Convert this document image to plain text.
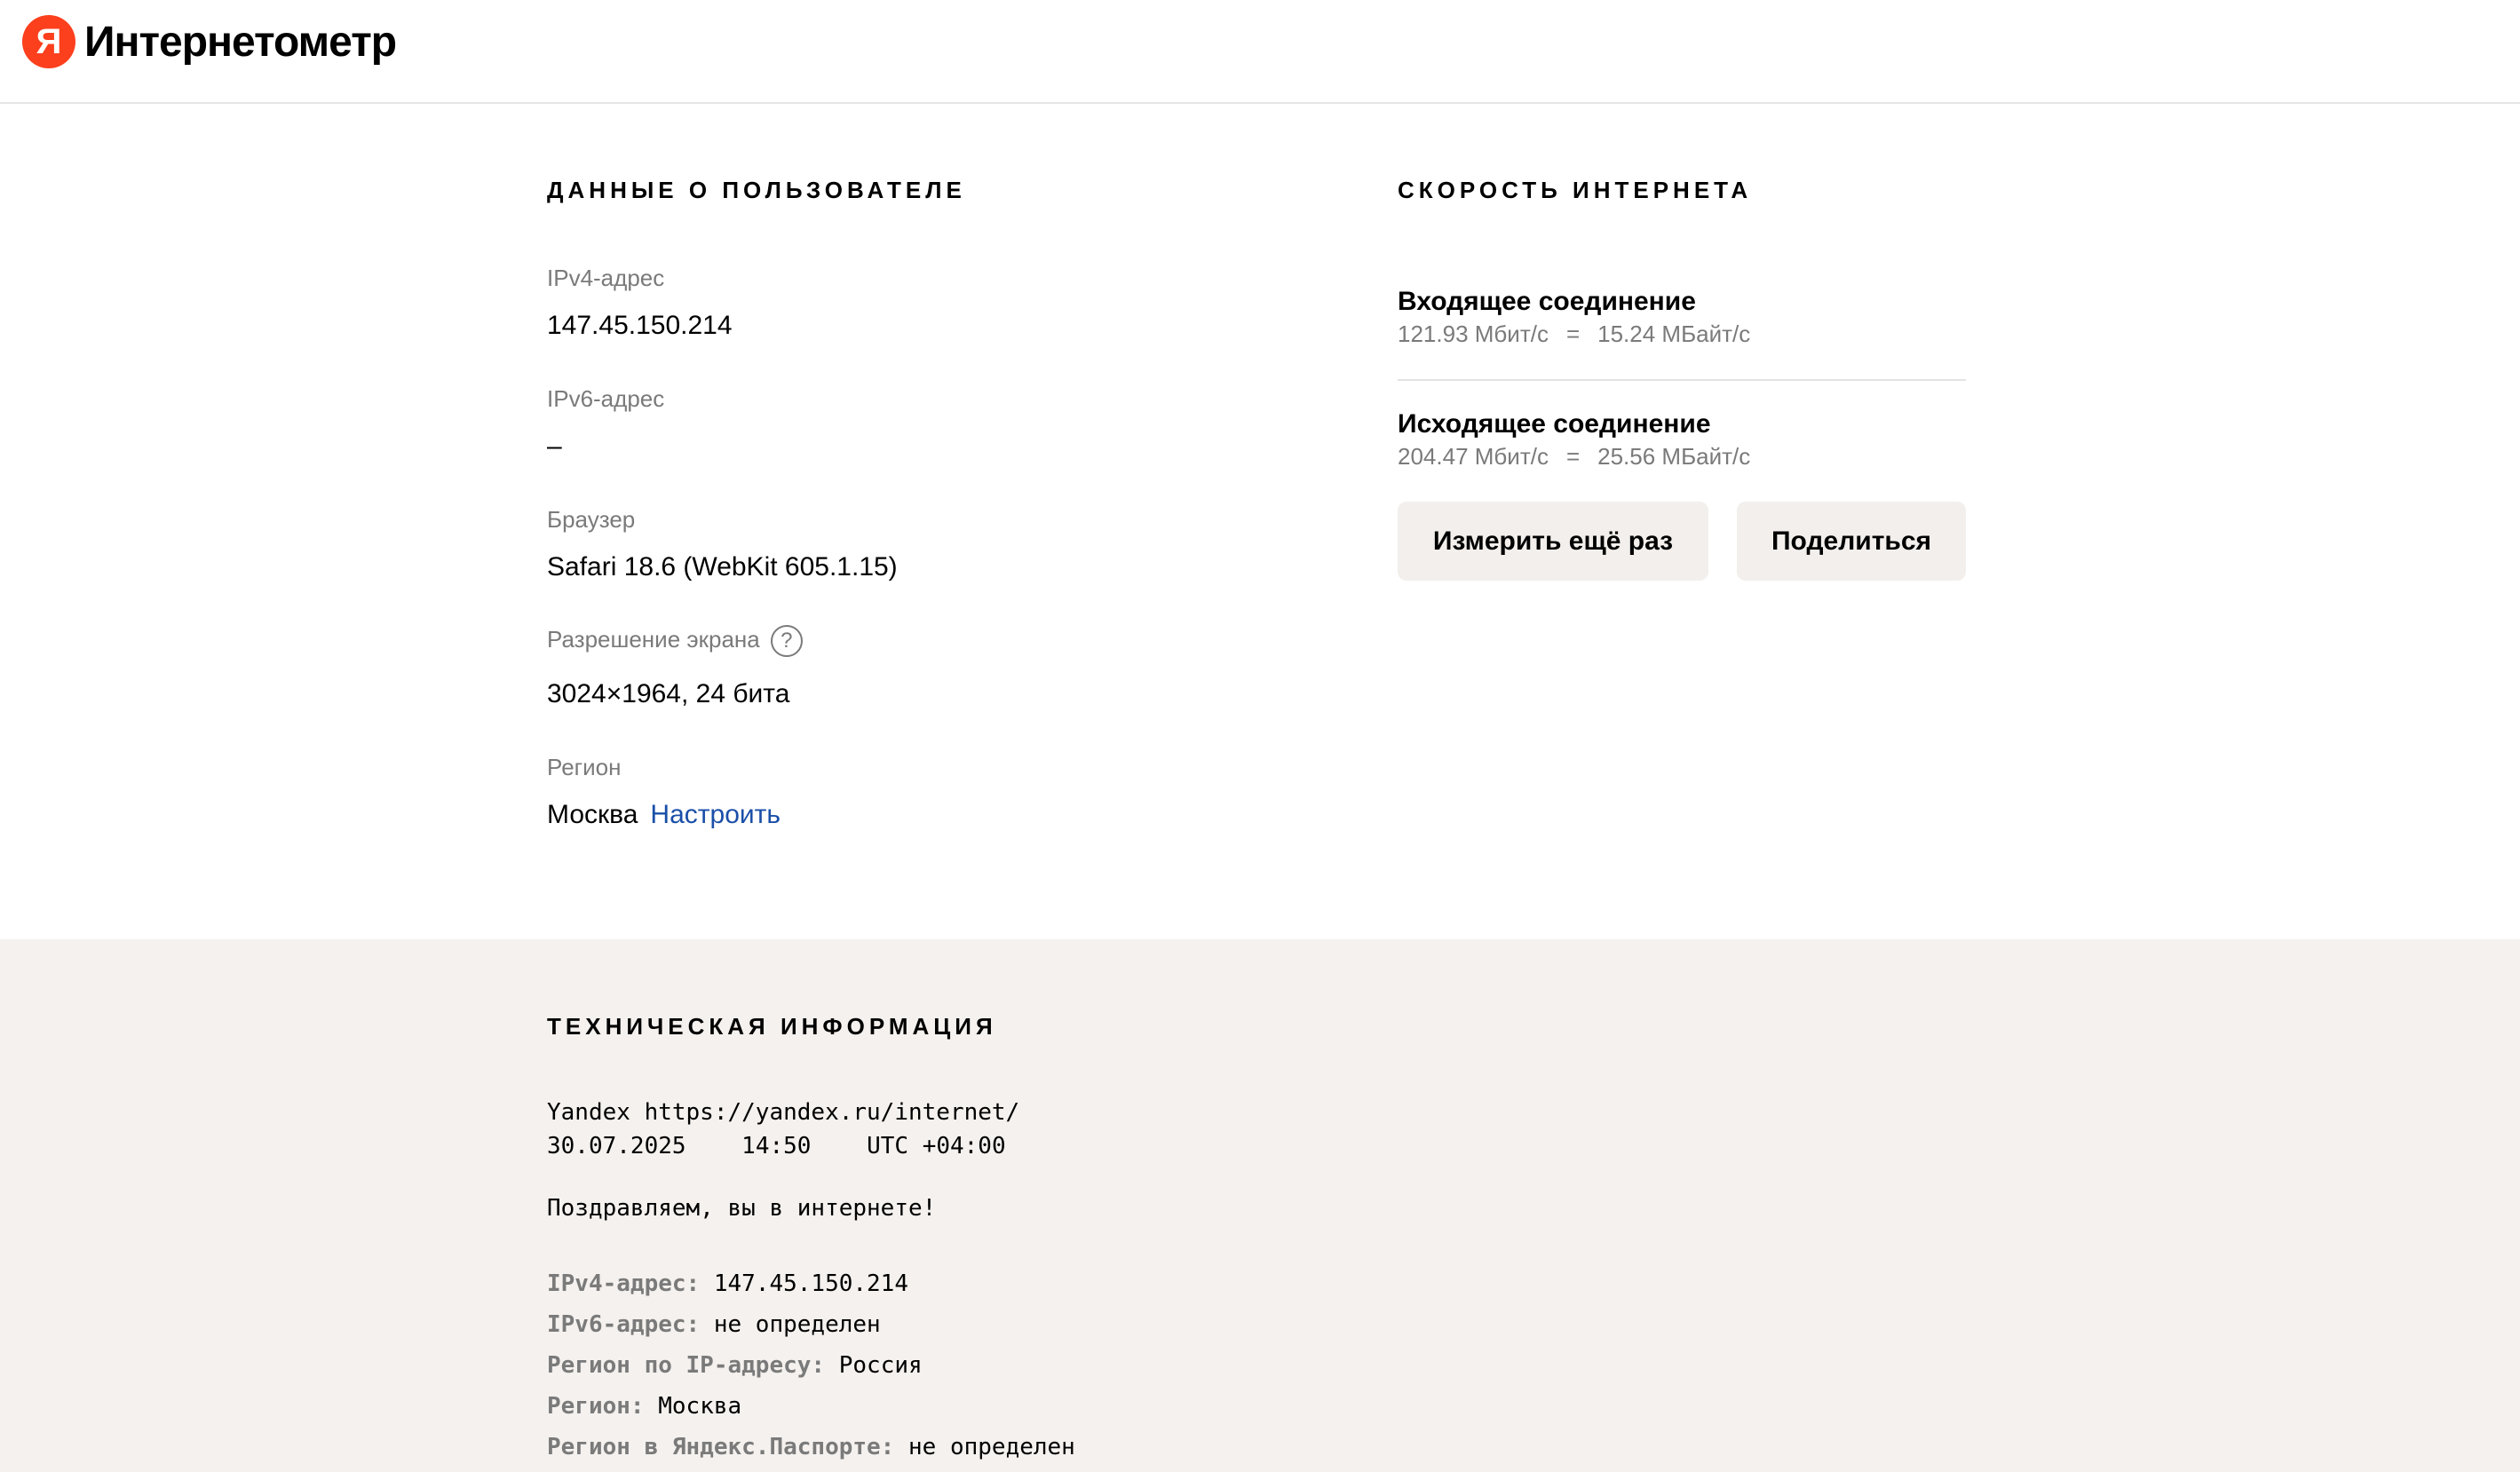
Я Интернетометр
ДАННЫЕ О ПОЛЬЗОВАТЕЛЕ
IPv4-адрес
147.45.150.214
IPv6-адрес
–
Браузер
Safari 18.6 (WebKit 605.1.15)
Разрешение экрана ?
3024×1964, 24 бита
Регион
Москва Настроить
СКОРОСТЬ ИНТЕРНЕТА
Входящее соединение
121.93 Мбит/с = 15.24 МБайт/с
Исходящее соединение
204.47 Мбит/с = 25.56 МБайт/с
Измерить ещё раз	Поделиться
ТЕХНИЧЕСКАЯ ИНФОРМАЦИЯ
Yandex https://yandex.ru/internet/
30.07.2025 14:50 UTC +04:00
Поздравляем, вы в интернете!
IPv4-адрес: 147.45.150.214
IPv6-адрес: не определен
Регион по IP-адресу: Россия
Регион: Москва
Регион в Яндекс.Паспорте: не определен
